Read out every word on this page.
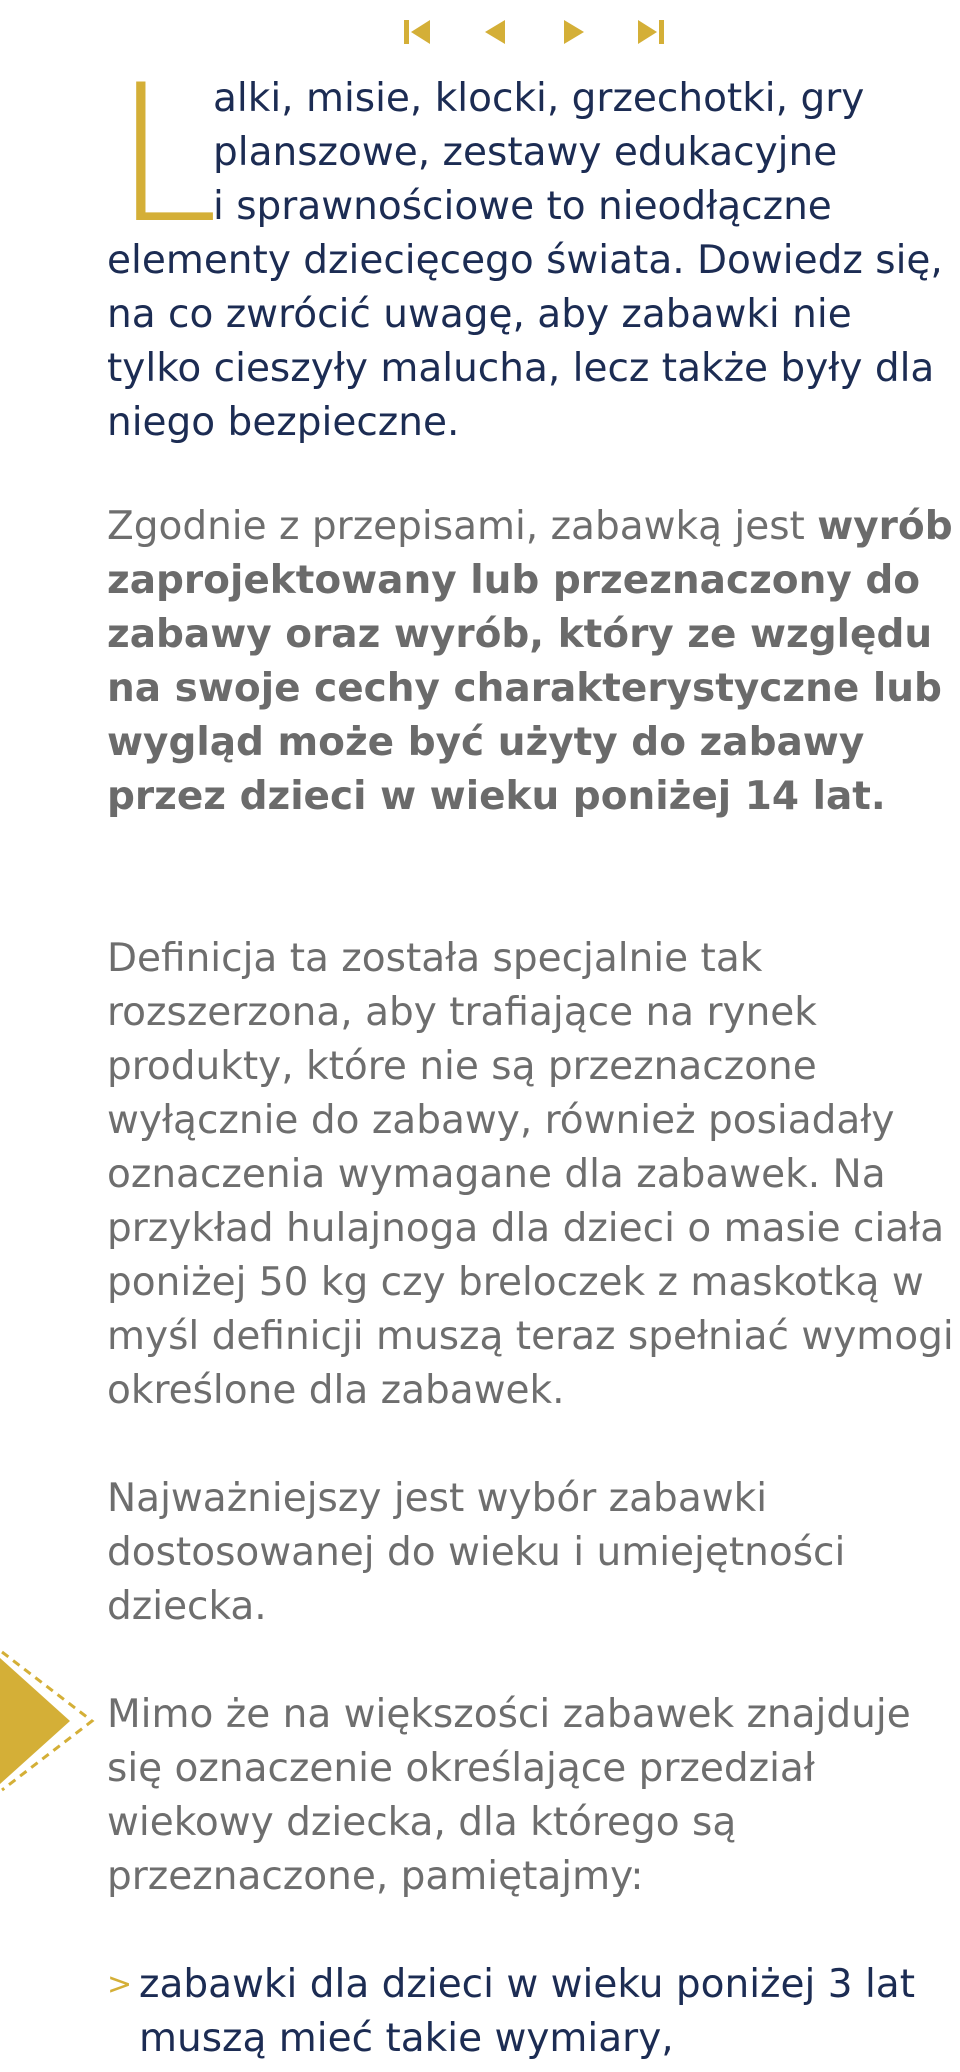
L
alki, misie, klocki, grzechotki, gry
planszowe, zestawy edukacyjne
i sprawnościowe to nieodłączne
elementy dziecięcego świata. Dowiedz się, na co zwrócić uwagę, aby zabawki nie tylko cieszyły malucha, lecz także były dla niego bezpieczne.

Zgodnie z przepisami, zabawką jest wyrób zaprojektowany lub przeznaczony do zabawy oraz wyrób, który ze względu na swoje cechy charakterystyczne lub wygląd może być użyty do zabawy przez dzieci w wieku poniżej 14 lat.

Definicja ta została specjalnie tak rozszerzona, aby trafiające na rynek produkty, które nie są przeznaczone wyłącznie do zabawy, również posiadały oznaczenia wymagane dla zabawek. Na przykład hulajnoga dla dzieci o masie ciała poniżej 50 kg czy breloczek z maskotką w myśl definicji muszą teraz spełniać wymogi określone dla zabawek.

Najważniejszy jest wybór zabawki dostosowanej do wieku i umiejętności dziecka.

Mimo że na większości zabawek znajduje się oznaczenie określające przedział wiekowy dziecka, dla którego są przeznaczone, pamiętajmy:

> zabawki dla dzieci w wieku poniżej 3 lat muszą mieć takie wymiary,
